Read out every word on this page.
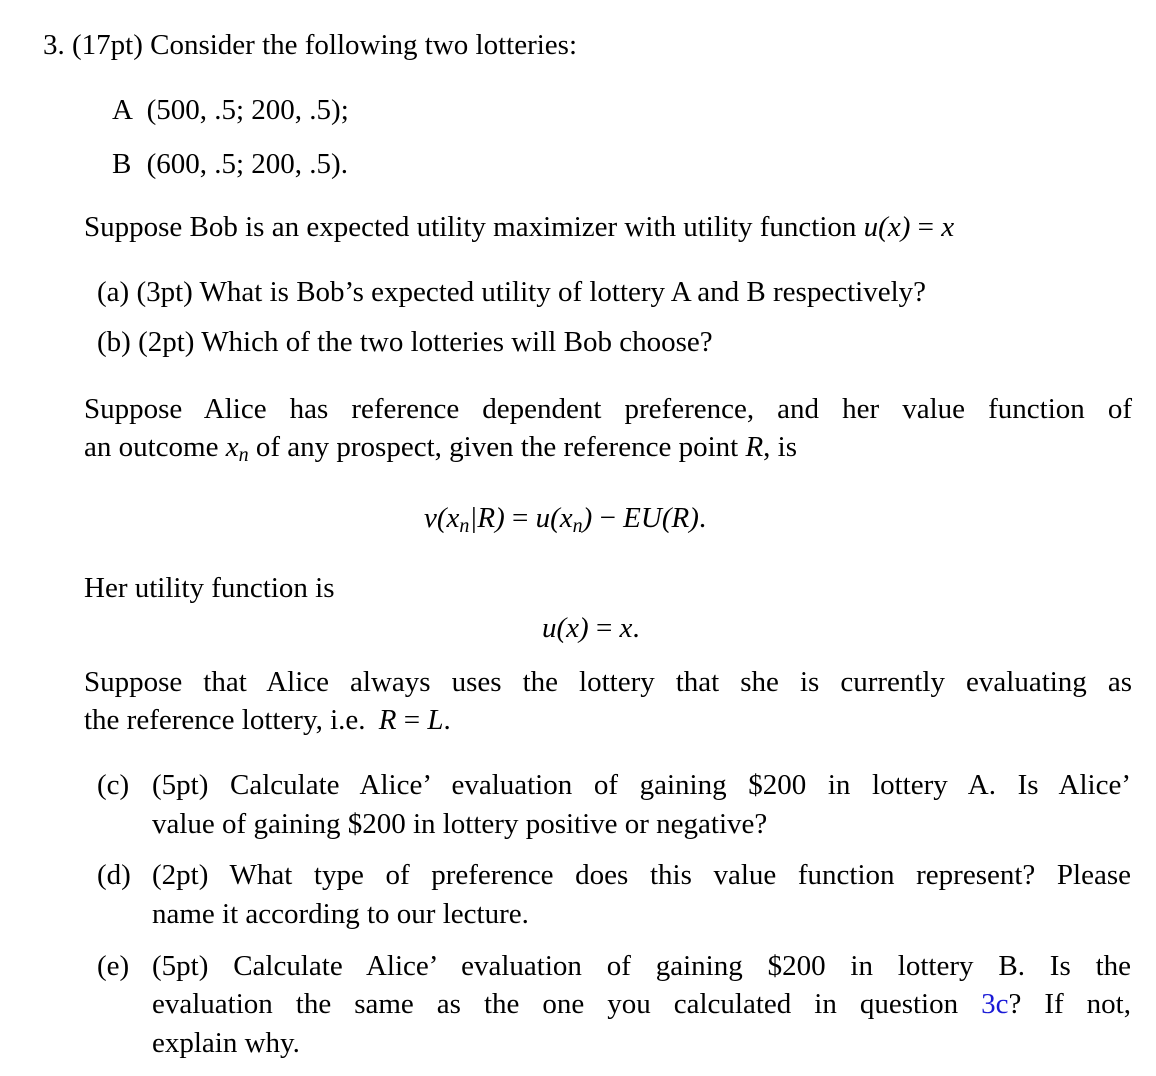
3. (17pt) Consider the following two lotteries:
A (500, .5; 200, .5);
B (600, .5; 200, .5).
Suppose Bob is an expected utility maximizer with utility function u(x) = x
(a) (3pt) What is Bob’s expected utility of lottery A and B respectively?
(b) (2pt) Which of the two lotteries will Bob choose?
Suppose Alice has reference dependent preference, and her value function of
an outcome $x_n$ of any prospect, given the reference point R, is
$v(x_n|R) = u(x_n) - EU(R)$.
Her utility function is
u(x) = x.
Suppose that Alice always uses the lottery that she is currently evaluating as
the reference lottery, i.e. R = L.
(c) (5pt) Calculate Alice’ evaluation of gaining $200 in lottery A. Is Alice’
value of gaining $200 in lottery positive or negative?
(d) (2pt) What type of preference does this value function represent? Please
name it according to our lecture.
(e) (5pt) Calculate Alice’ evaluation of gaining $200 in lottery B. Is the
evaluation the same as the one you calculated in question 3c? If not,
explain why.
